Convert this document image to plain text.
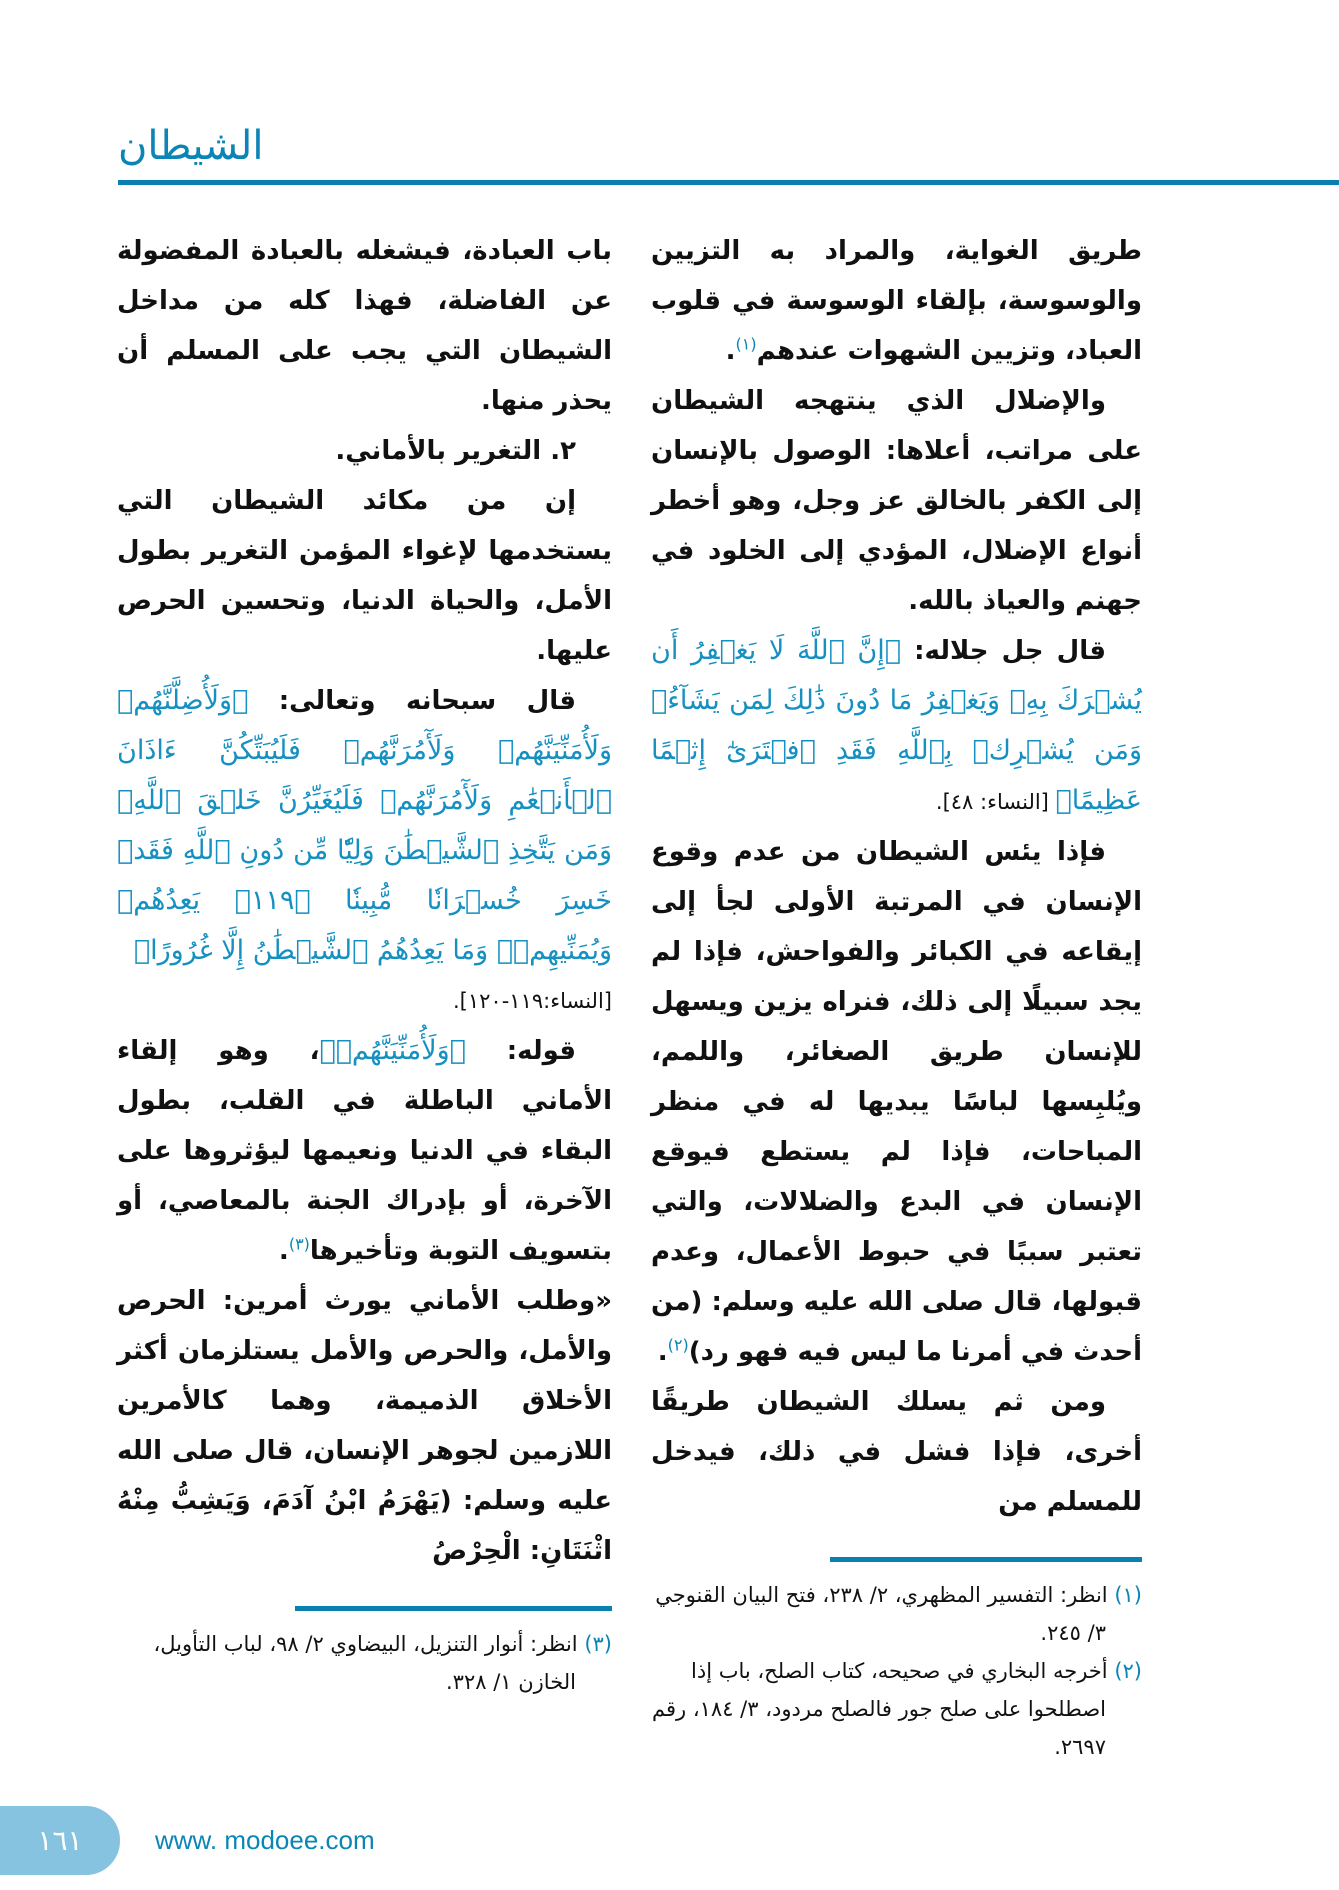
الشيطان

باب العبادة، فيشغله بالعبادة المفضولة عن الفاضلة، فهذا كله من مداخل الشيطان التي يجب على المسلم أن يحذر منها.

٢. التغرير بالأماني.

إن من مكائد الشيطان التي يستخدمها لإغواء المؤمن التغرير بطول الأمل، والحياة الدنيا، وتحسين الحرص عليها.

قال سبحانه وتعالى: ﴿وَلَأُضِلَّنَّهُمۡ وَلَأُمَنِّيَنَّهُمۡ وَلَأٓمُرَنَّهُمۡ فَلَيُبَتِّكُنَّ ءَاذَانَ ٱلۡأَنۡعَٰمِ وَلَأٓمُرَنَّهُمۡ فَلَيُغَيِّرُنَّ خَلۡقَ ٱللَّهِۚ وَمَن يَتَّخِذِ ٱلشَّيۡطَٰنَ وَلِيّٗا مِّن دُونِ ٱللَّهِ فَقَدۡ خَسِرَ خُسۡرَانٗا مُّبِينٗا ﴿١١٩﴾ يَعِدُهُمۡ وَيُمَنِّيهِمۡۖ وَمَا يَعِدُهُمُ ٱلشَّيۡطَٰنُ إِلَّا غُرُورًا﴾

[النساء:١١٩-١٢٠].

قوله: ﴿وَلَأُمَنِّيَنَّهُمۡ﴾، وهو إلقاء الأماني الباطلة في القلب، بطول البقاء في الدنيا ونعيمها ليؤثروها على الآخرة، أو بإدراك الجنة بالمعاصي، أو بتسويف التوبة وتأخيرها$^{(٣)}$.

«وطلب الأماني يورث أمرين: الحرص والأمل، والحرص والأمل يستلزمان أكثر الأخلاق الذميمة، وهما كالأمرين اللازمين لجوهر الإنسان، قال صلى الله عليه وسلم: (يَهْرَمُ ابْنُ آدَمَ، وَيَشِبُّ مِنْهُ اثْنَتَانِ: الْحِرْصُ

(٣) انظر: أنوار التنزيل، البيضاوي ٢/ ٩٨، لباب التأويل، الخازن ١/ ٣٢٨.

طريق الغواية، والمراد به التزيين والوسوسة، بإلقاء الوسوسة في قلوب العباد، وتزيين الشهوات عندهم$^{(١)}$.

والإضلال الذي ينتهجه الشيطان على مراتب، أعلاها: الوصول بالإنسان إلى الكفر بالخالق عز وجل، وهو أخطر أنواع الإضلال، المؤدي إلى الخلود في جهنم والعياذ بالله.

قال جل جلاله: ﴿إِنَّ ٱللَّهَ لَا يَغۡفِرُ أَن يُشۡرَكَ بِهِۦ وَيَغۡفِرُ مَا دُونَ ذَٰلِكَ لِمَن يَشَآءُۚ وَمَن يُشۡرِكۡ بِٱللَّهِ فَقَدِ ٱفۡتَرَىٰٓ إِثۡمًا عَظِيمًا﴾ [النساء: ٤٨].

فإذا يئس الشيطان من عدم وقوع الإنسان في المرتبة الأولى لجأ إلى إيقاعه في الكبائر والفواحش، فإذا لم يجد سبيلًا إلى ذلك، فنراه يزين ويسهل للإنسان طريق الصغائر، واللمم، ويُلبِسها لباسًا يبديها له في منظر المباحات، فإذا لم يستطع فيوقع الإنسان في البدع والضلالات، والتي تعتبر سببًا في حبوط الأعمال، وعدم قبولها، قال صلى الله عليه وسلم: (من أحدث في أمرنا ما ليس فيه فهو رد)$^{(٢)}$.

ومن ثم يسلك الشيطان طريقًا أخرى، فإذا فشل في ذلك، فيدخل للمسلم من

(١) انظر: التفسير المظهري، ٢/ ٢٣٨، فتح البيان القنوجي ٣/ ٢٤٥.

(٢) أخرجه البخاري في صحيحه، كتاب الصلح، باب إذا اصطلحوا على صلح جور فالصلح مردود، ٣/ ١٨٤، رقم ٢٦٩٧.

١٦١	www. modoee.com
